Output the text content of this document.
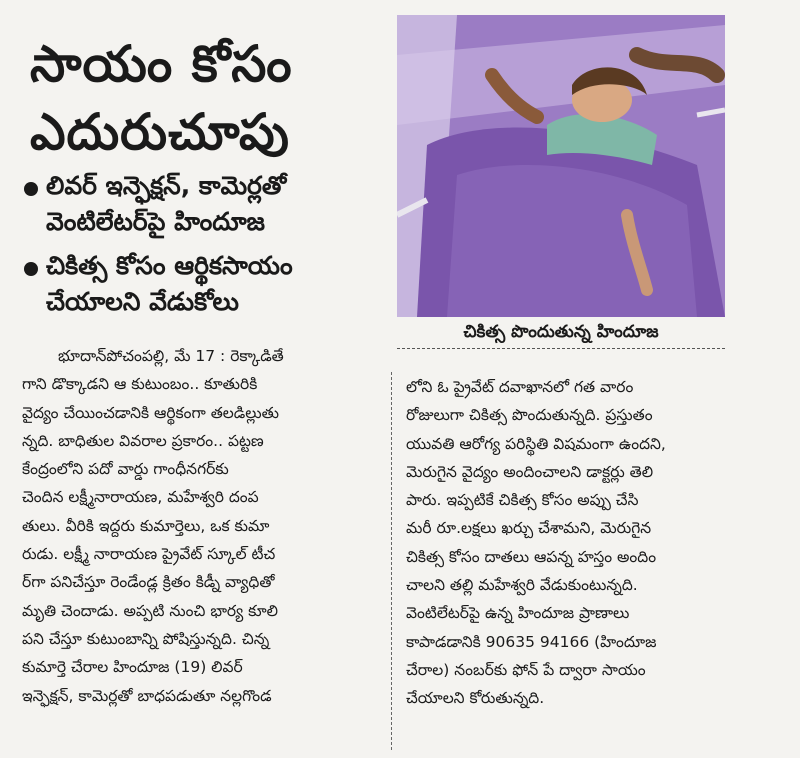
సాయం కోసం
ఎదురుచూపు
లివర్ ఇన్ఫెక్షన్, కామెర్లతో
వెంటిలేటర్‌పై హిందూజ
చికిత్స కోసం ఆర్థికసాయం
చేయాలని వేడుకోలు
చికిత్స పొందుతున్న హిందూజ
భూదాన్‌పోచంపల్లి, మే 17 : రెక్కాడితే
గాని డొక్కాడని ఆ కుటుంబం.. కూతురికి
వైద్యం చేయించడానికి ఆర్థికంగా తలడిల్లుతు
న్నది. బాధితుల వివరాల ప్రకారం.. పట్టణ
కేంద్రంలోని పదో వార్డు గాంధీనగర్‌కు
చెందిన లక్ష్మీనారాయణ, మహేశ్వరి దంప
తులు. వీరికి ఇద్దరు కుమార్తెలు, ఒక కుమా
రుడు. లక్ష్మీ నారాయణ ప్రైవేట్ స్కూల్ టీచ
ర్‌గా పనిచేస్తూ రెండేండ్ల క్రితం కిడ్నీ వ్యాధితో
మృతి చెందాడు. అప్పటి నుంచి భార్య కూలి
పని చేస్తూ కుటుంబాన్ని పోషిస్తున్నది. చిన్న
కుమార్తె చేరాల హిందూజ (19) లివర్
ఇన్ఫెక్షన్, కామెర్లతో బాధపడుతూ నల్లగొండ
లోని ఓ ప్రైవేట్ దవాఖానలో గత వారం
రోజులుగా చికిత్స పొందుతున్నది. ప్రస్తుతం
యువతి ఆరోగ్య పరిస్థితి విషమంగా ఉందని,
మెరుగైన వైద్యం అందించాలని డాక్టర్లు తెలి
పారు. ఇప్పటికే చికిత్స కోసం అప్పు చేసి
మరీ రూ.లక్షలు ఖర్చు చేశామని, మెరుగైన
చికిత్స కోసం దాతలు ఆపన్న హస్తం అందిం
చాలని తల్లి మహేశ్వరి వేడుకుంటున్నది.
వెంటిలేటర్‌పై ఉన్న హిందూజ ప్రాణాలు
కాపాడడానికి 90635 94166 (హిందూజ
చేరాల) నంబర్‌కు ఫోన్ పే ద్వారా సాయం
చేయాలని కోరుతున్నది.
